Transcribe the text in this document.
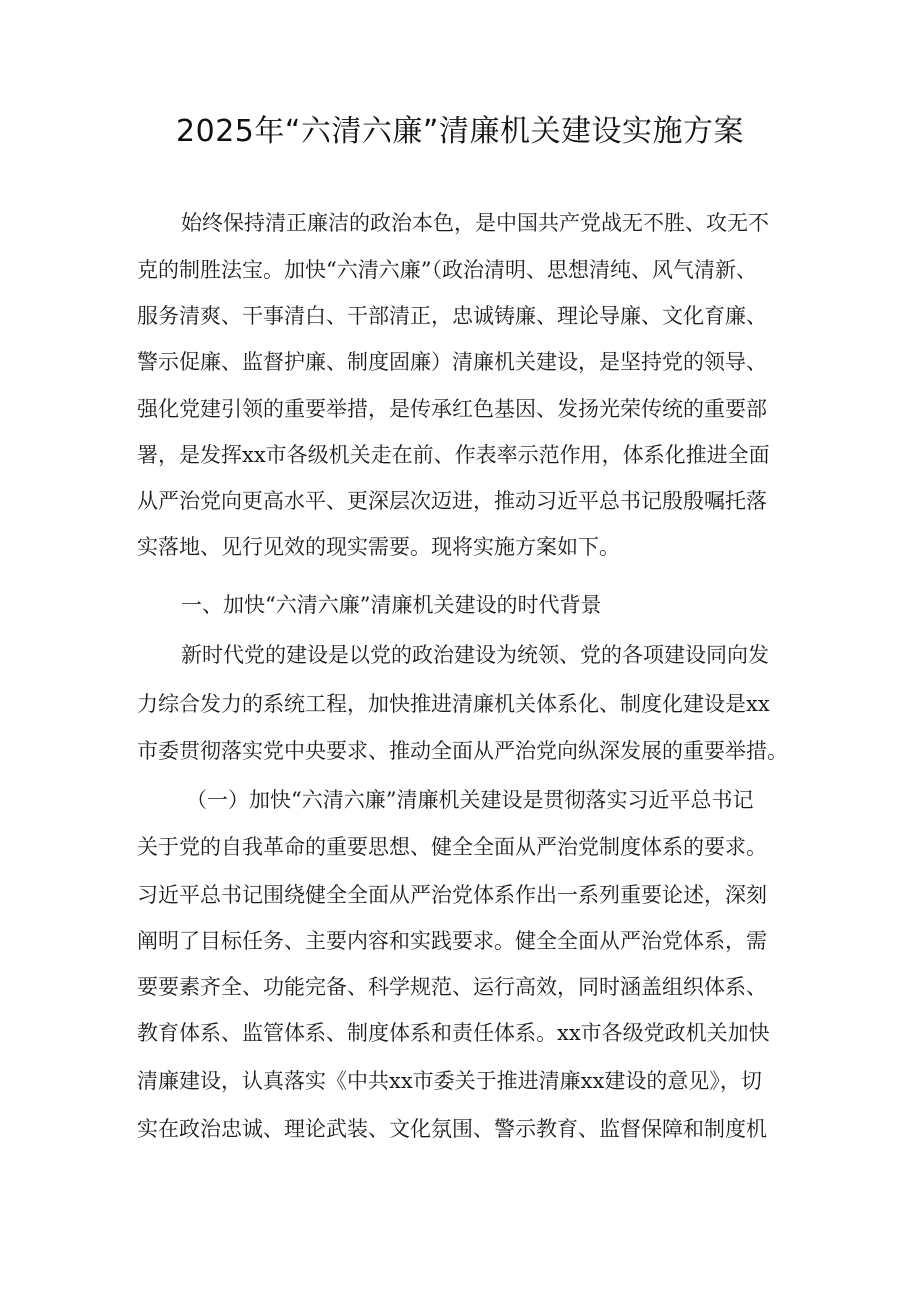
2025年“六清六廉”清廉机关建设实施方案
始终保持清正廉洁的政治本色，是中国共产党战无不胜、攻无不
克的制胜法宝。加快“六清六廉”（政治清明、思想清纯、风气清新、
服务清爽、干事清白、干部清正，忠诚铸廉、理论导廉、文化育廉、
警示促廉、监督护廉、制度固廉）清廉机关建设，是坚持党的领导、
强化党建引领的重要举措，是传承红色基因、发扬光荣传统的重要部
署，是发挥xx市各级机关走在前、作表率示范作用，体系化推进全面
从严治党向更高水平、更深层次迈进，推动习近平总书记殷殷嘱托落
实落地、见行见效的现实需要。现将实施方案如下。
一、加快“六清六廉”清廉机关建设的时代背景
新时代党的建设是以党的政治建设为统领、党的各项建设同向发
力综合发力的系统工程，加快推进清廉机关体系化、制度化建设是xx
市委贯彻落实党中央要求、推动全面从严治党向纵深发展的重要举措。
（一）加快“六清六廉”清廉机关建设是贯彻落实习近平总书记
关于党的自我革命的重要思想、健全全面从严治党制度体系的要求。
习近平总书记围绕健全全面从严治党体系作出一系列重要论述，深刻
阐明了目标任务、主要内容和实践要求。健全全面从严治党体系，需
要要素齐全、功能完备、科学规范、运行高效，同时涵盖组织体系、
教育体系、监管体系、制度体系和责任体系。xx市各级党政机关加快
清廉建设，认真落实《中共xx市委关于推进清廉xx建设的意见》，切
实在政治忠诚、理论武装、文化氛围、警示教育、监督保障和制度机
